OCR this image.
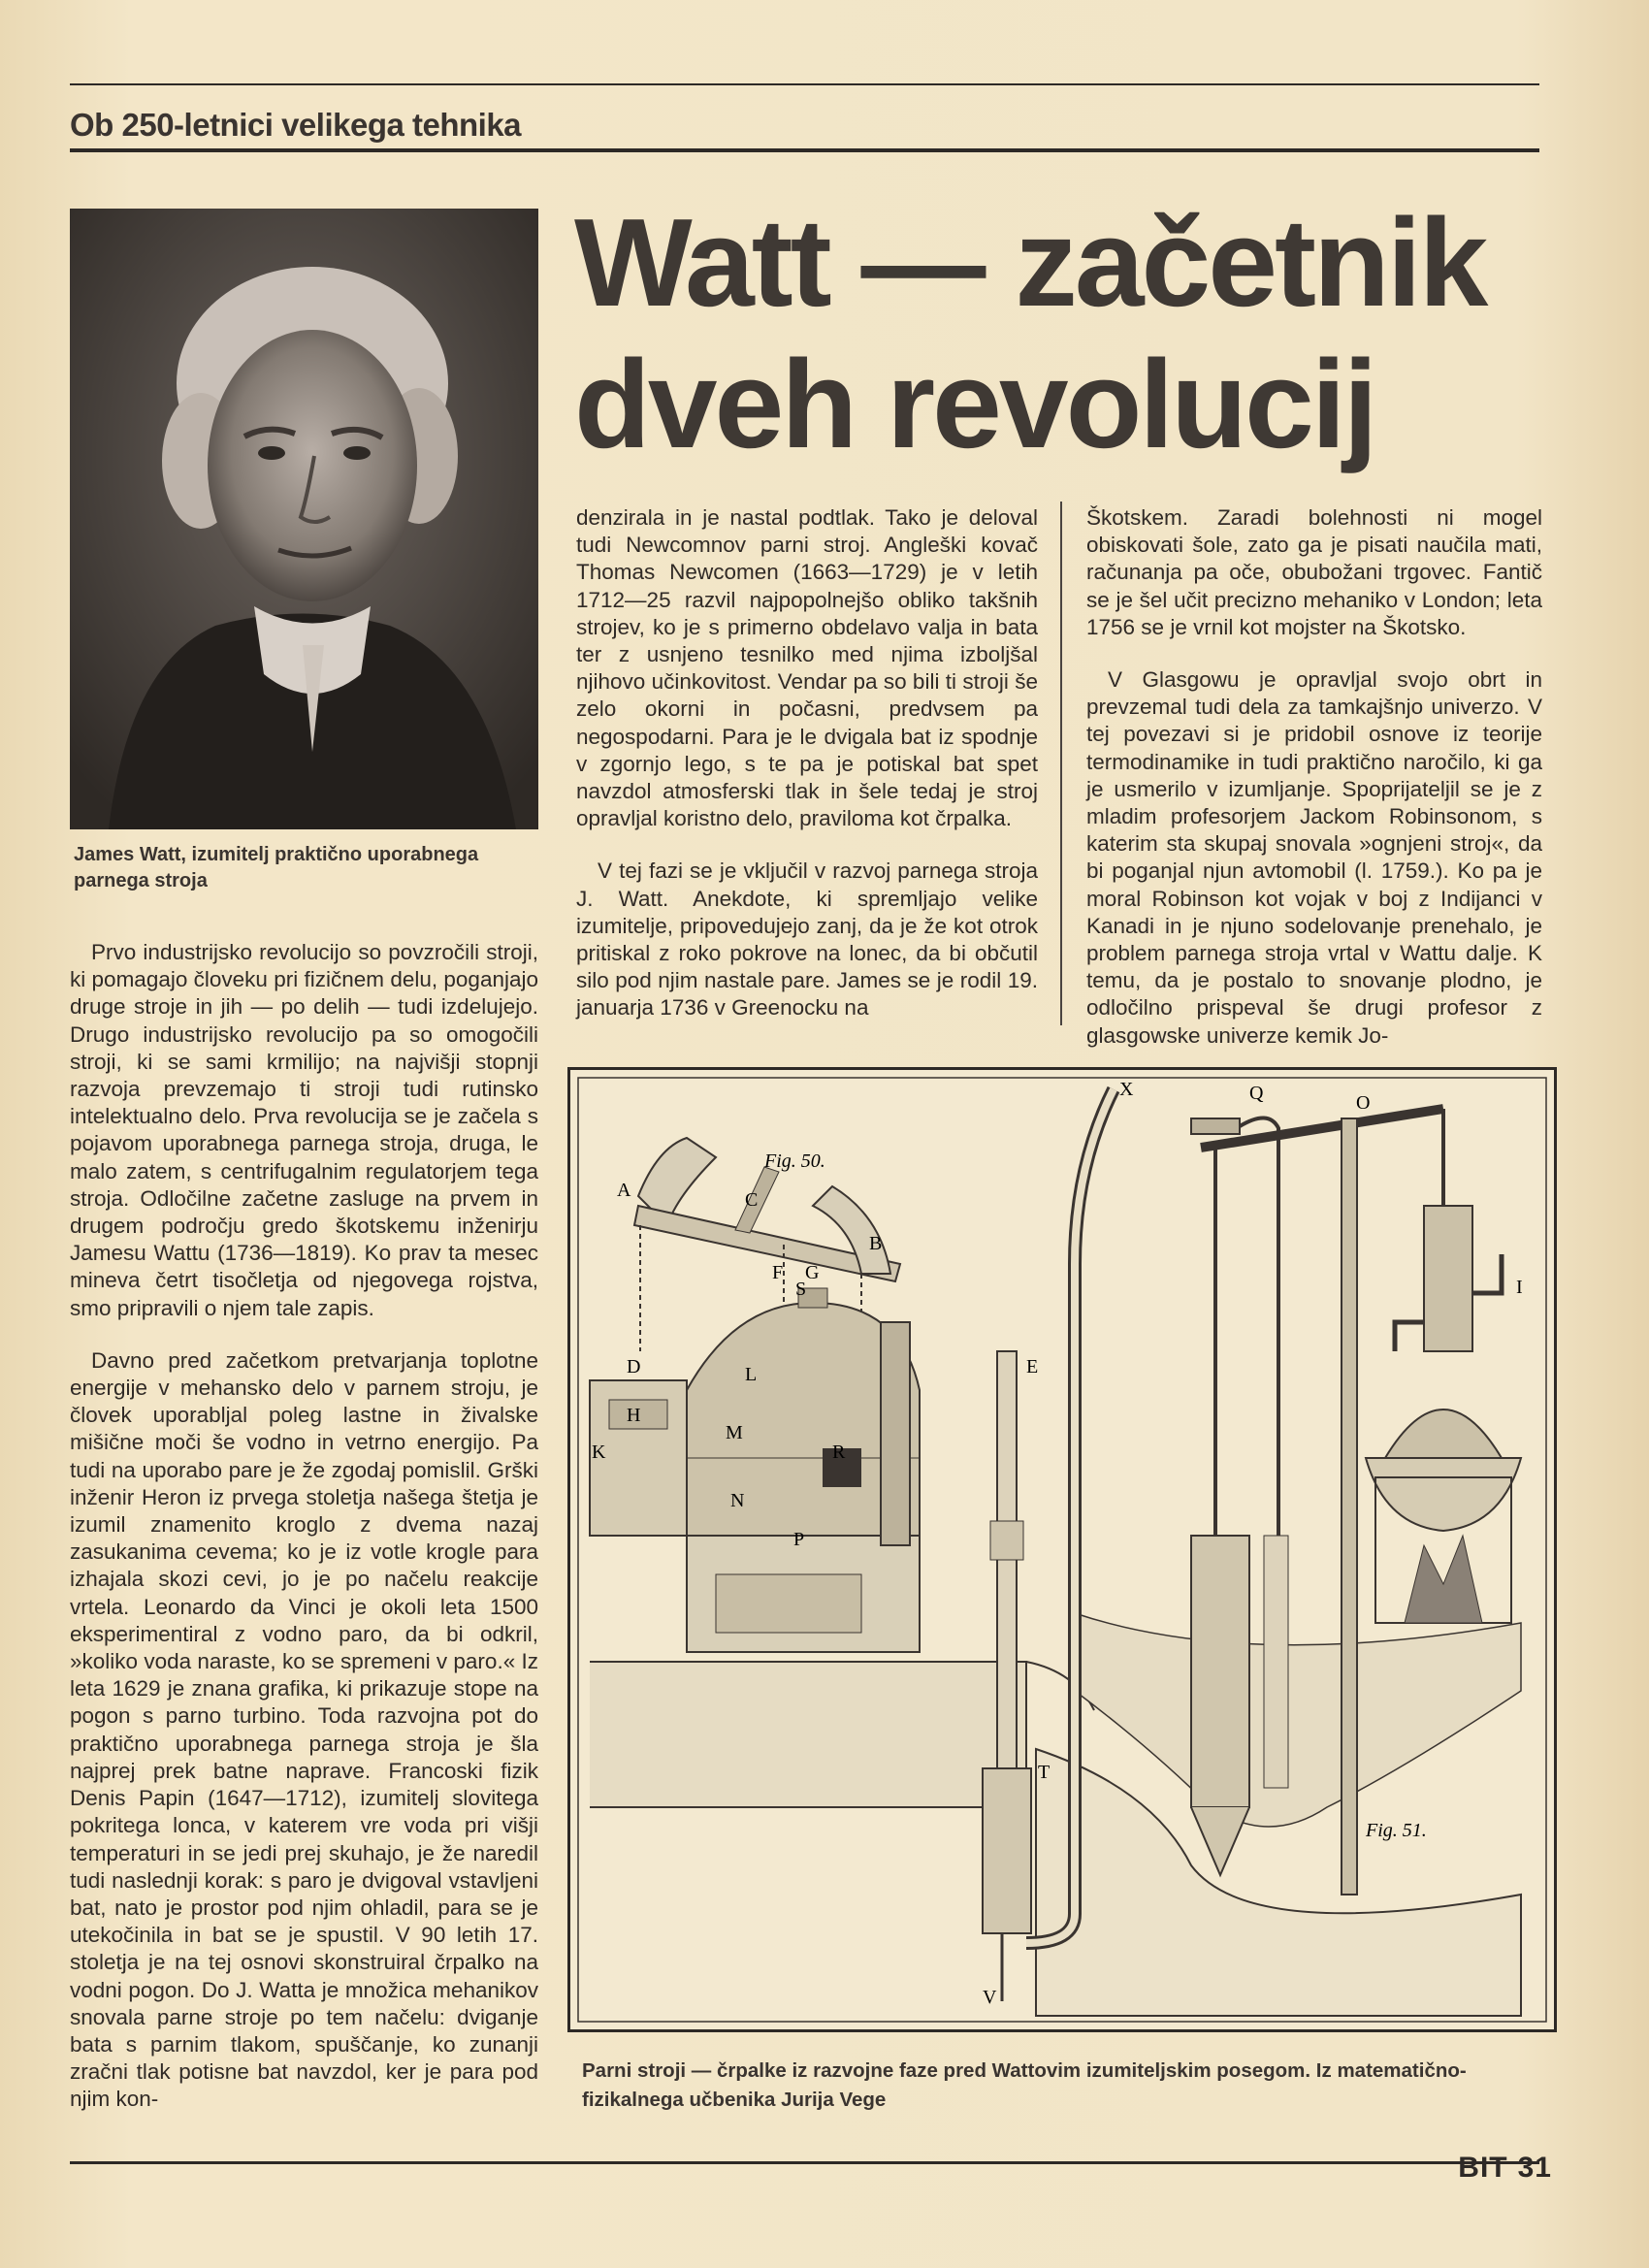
Ob 250-letnici velikega tehnika
James Watt, izumitelj praktično uporabnega parnega stroja
Watt — začetnik
dveh revolucij

Prvo industrijsko revolucijo so povzročili stroji, ki pomagajo človeku pri fizičnem delu, poganjajo druge stroje in jih — po delih — tudi izdelujejo. Drugo industrijsko revolucijo pa so omogočili stroji, ki se sami krmilijo; na najvišji stopnji razvoja prevzemajo ti stroji tudi rutinsko intelektualno delo. Prva revolucija se je začela s pojavom uporabnega parnega stroja, druga, le malo zatem, s centrifugalnim regulatorjem tega stroja. Odločilne začetne zasluge na prvem in drugem področju gredo škotskemu inženirju Jamesu Wattu (1736—1819). Ko prav ta mesec mineva četrt tisočletja od njegovega rojstva, smo pripravili o njem tale zapis.

Davno pred začetkom pretvarjanja toplotne energije v mehansko delo v parnem stroju, je človek uporabljal poleg lastne in živalske mišične moči še vodno in vetrno energijo. Pa tudi na uporabo pare je že zgodaj pomislil. Grški inženir Heron iz prvega stoletja našega štetja je izumil znamenito kroglo z dvema nazaj zasukanima cevema; ko je iz votle krogle para izhajala skozi cevi, jo je po načelu reakcije vrtela. Leonardo da Vinci je okoli leta 1500 eksperimentiral z vodno paro, da bi odkril, »koliko voda naraste, ko se spremeni v paro.« Iz leta 1629 je znana grafika, ki prikazuje stope na pogon s parno turbino. Toda razvojna pot do praktično uporabnega parnega stroja je šla najprej prek batne naprave. Francoski fizik Denis Papin (1647—1712), izumitelj slovitega pokritega lonca, v katerem vre voda pri višji temperaturi in se jedi prej skuhajo, je že naredil tudi naslednji korak: s paro je dvigoval vstavljeni bat, nato je prostor pod njim ohladil, para se je utekočinila in bat se je spustil. V 90 letih 17. stoletja je na tej osnovi skonstruiral črpalko na vodni pogon. Do J. Watta je množica mehanikov snovala parne stroje po tem načelu: dviganje bata s parnim tlakom, spuščanje, ko zunanji zračni tlak potisne bat navzdol, ker je para pod njim kon-

denzirala in je nastal podtlak. Tako je deloval tudi Newcomnov parni stroj. Angleški kovač Thomas Newcomen (1663—1729) je v letih 1712—25 razvil najpopolnejšo obliko takšnih strojev, ko je s primerno obdelavo valja in bata ter z usnjeno tesnilko med njima izboljšal njihovo učinkovitost. Vendar pa so bili ti stroji še zelo okorni in počasni, predvsem pa negospodarni. Para je le dvigala bat iz spodnje v zgornjo lego, s te pa je potiskal bat spet navzdol atmosferski tlak in šele tedaj je stroj opravljal koristno delo, praviloma kot črpalka.

V tej fazi se je vključil v razvoj parnega stroja J. Watt. Anekdote, ki spremljajo velike izumitelje, pripovedujejo zanj, da je že kot otrok pritiskal z roko pokrove na lonec, da bi občutil silo pod njim nastale pare. James se je rodil 19. januarja 1736 v Greenocku na

Škotskem. Zaradi bolehnosti ni mogel obiskovati šole, zato ga je pisati naučila mati, računanja pa oče, obubožani trgovec. Fantič se je šel učit precizno mehaniko v London; leta 1756 se je vrnil kot mojster na Škotsko.

V Glasgowu je opravljal svojo obrt in prevzemal tudi dela za tamkajšnjo univerzo. V tej povezavi si je pridobil osnove iz teorije termodinamike in tudi praktično naročilo, ki ga je usmerilo v izumljanje. Spoprijateljil se je z mladim profesorjem Jackom Robinsonom, s katerim sta skupaj snovala »ognjeni stroj«, da bi poganjal njun avtomobil (l. 1759.). Ko pa je moral Robinson kot vojak v boj z Indijanci v Kanadi in je njuno sodelovanje prenehalo, je problem parnega stroja vrtal v Wattu dalje. K temu, da je postalo to snovanje plodno, je odločilno prispeval še drugi profesor z glasgowske univerze kemik Jo-

Fig. 50.
Fig. 51.
A
B
C
D	E
F G
S
H
K
L
M
N
O
P
Q
R
T
V
X
I
Parni stroji — črpalke iz razvojne faze pred Wattovim izumiteljskim posegom. Iz matematično-fizikalnega učbenika Jurija Vege
BIT 31
